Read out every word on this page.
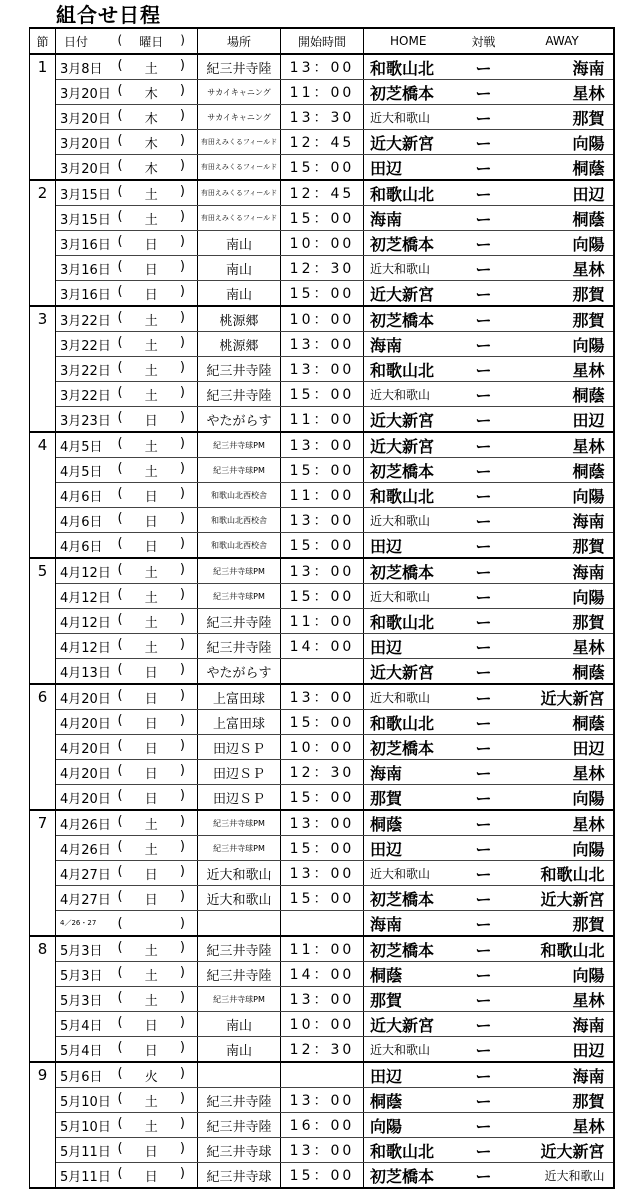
組合せ日程
節	日付	( 曜日 )	場所	開始時間	HOME	対戦	AWAY
1	3月8日	( 土 )	紀三井寺陸	13：00	和歌山北	ー	海南
	3月20日	( 木 )	サカイキャニング	11：00	初芝橋本	ー	星林
	3月20日	( 木 )	サカイキャニング	13：30	近大和歌山	ー	那賀
	3月20日	( 木 )	有田えみくるフィールド	12：45	近大新宮	ー	向陽
	3月20日	( 木 )	有田えみくるフィールド	15：00	田辺	ー	桐蔭
2	3月15日	( 土 )	有田えみくるフィールド	12：45	和歌山北	ー	田辺
	3月15日	( 土 )	有田えみくるフィールド	15：00	海南	ー	桐蔭
	3月16日	( 日 )	南山	10：00	初芝橋本	ー	向陽
	3月16日	( 日 )	南山	12：30	近大和歌山	ー	星林
	3月16日	( 日 )	南山	15：00	近大新宮	ー	那賀
3	3月22日	( 土 )	桃源郷	10：00	初芝橋本	ー	那賀
	3月22日	( 土 )	桃源郷	13：00	海南	ー	向陽
	3月22日	( 土 )	紀三井寺陸	13：00	和歌山北	ー	星林
	3月22日	( 土 )	紀三井寺陸	15：00	近大和歌山	ー	桐蔭
	3月23日	( 日 )	やたがらす	11：00	近大新宮	ー	田辺
4	4月5日	( 土 )	紀三井寺球PM	13：00	近大新宮	ー	星林
	4月5日	( 土 )	紀三井寺球PM	15：00	初芝橋本	ー	桐蔭
	4月6日	( 日 )	和歌山北西校舎	11：00	和歌山北	ー	向陽
	4月6日	( 日 )	和歌山北西校舎	13：00	近大和歌山	ー	海南
	4月6日	( 日 )	和歌山北西校舎	15：00	田辺	ー	那賀
5	4月12日	( 土 )	紀三井寺球PM	13：00	初芝橋本	ー	海南
	4月12日	( 土 )	紀三井寺球PM	15：00	近大和歌山	ー	向陽
	4月12日	( 土 )	紀三井寺陸	11：00	和歌山北	ー	那賀
	4月12日	( 土 )	紀三井寺陸	14：00	田辺	ー	星林
	4月13日	( 日 )	やたがらす		近大新宮	ー	桐蔭
6	4月20日	( 日 )	上富田球	13：00	近大和歌山	ー	近大新宮
	4月20日	( 日 )	上富田球	15：00	和歌山北	ー	桐蔭
	4月20日	( 日 )	田辺ＳＰ	10：00	初芝橋本	ー	田辺
	4月20日	( 日 )	田辺ＳＰ	12：30	海南	ー	星林
	4月20日	( 日 )	田辺ＳＰ	15：00	那賀	ー	向陽
7	4月26日	( 土 )	紀三井寺球PM	13：00	桐蔭	ー	星林
	4月26日	( 土 )	紀三井寺球PM	15：00	田辺	ー	向陽
	4月27日	( 日 )	近大和歌山	13：00	近大和歌山	ー	和歌山北
	4月27日	( 日 )	近大和歌山	15：00	初芝橋本	ー	近大新宮
	4／26・27	( )			海南	ー	那賀
8	5月3日	( 土 )	紀三井寺陸	11：00	初芝橋本	ー	和歌山北
	5月3日	( 土 )	紀三井寺陸	14：00	桐蔭	ー	向陽
	5月3日	( 土 )	紀三井寺球PM	13：00	那賀	ー	星林
	5月4日	( 日 )	南山	10：00	近大新宮	ー	海南
	5月4日	( 日 )	南山	12：30	近大和歌山	ー	田辺
9	5月6日	( 火 )			田辺	ー	海南
	5月10日	( 土 )	紀三井寺陸	13：00	桐蔭	ー	那賀
	5月10日	( 土 )	紀三井寺陸	16：00	向陽	ー	星林
	5月11日	( 日 )	紀三井寺球	13：00	和歌山北	ー	近大新宮
	5月11日	( 日 )	紀三井寺球	15：00	初芝橋本	ー	近大和歌山
